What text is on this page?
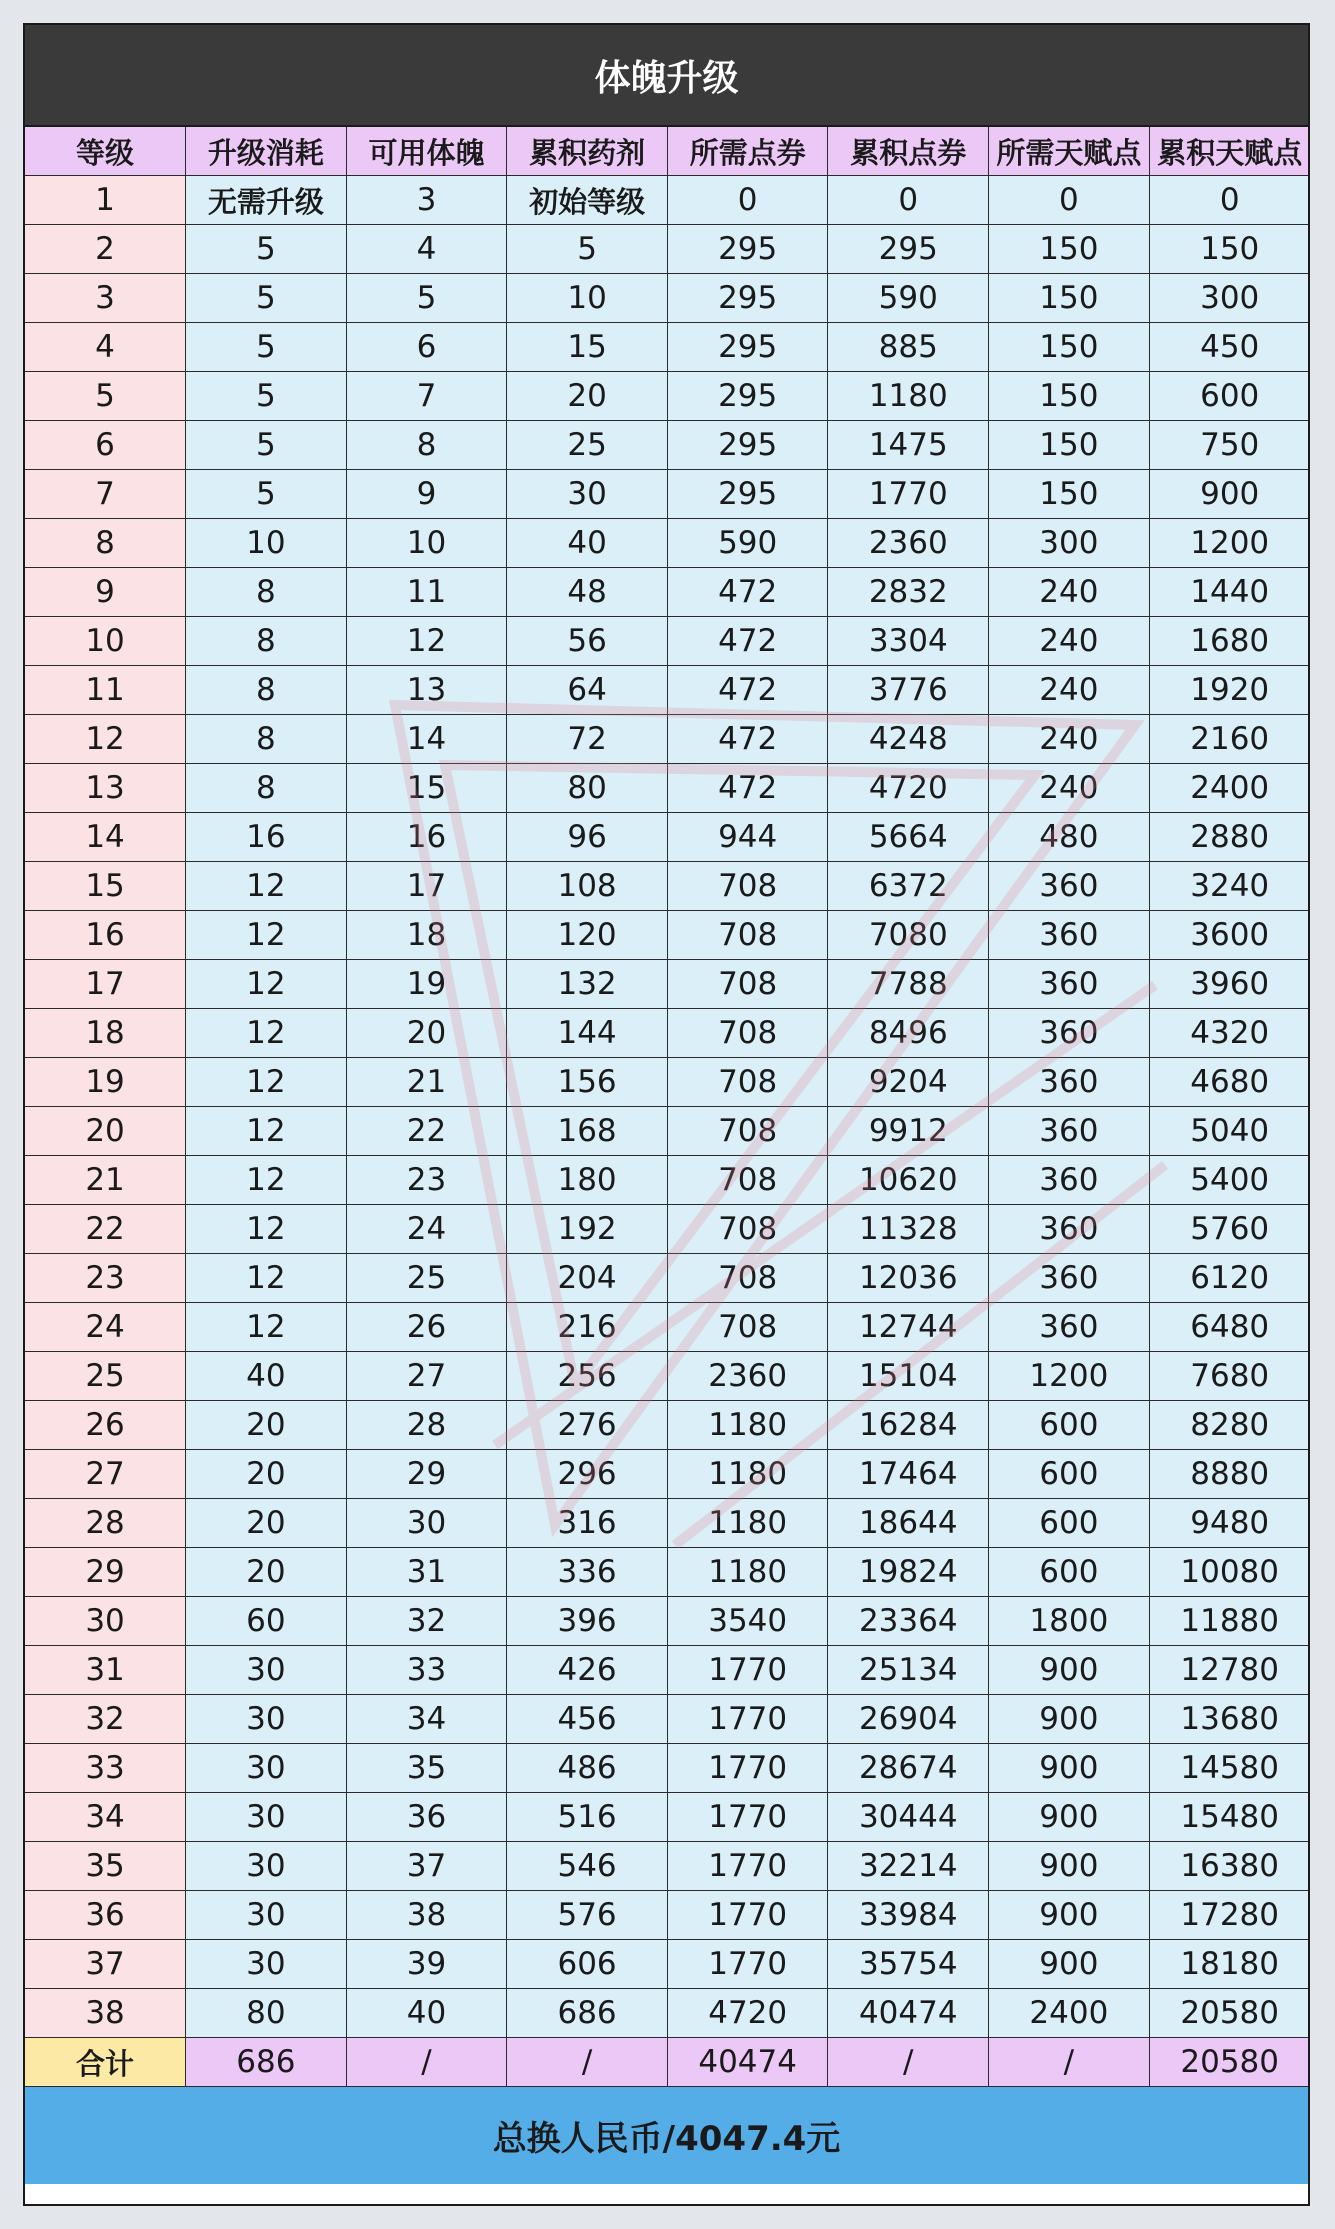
体魄升级
等级	升级消耗	可用体魄	累积药剂	所需点券	累积点券	所需天赋点	累积天赋点
1	无需升级	3	初始等级	0	0	0	0
2	5	4	5	295	295	150	150
3	5	5	10	295	590	150	300
4	5	6	15	295	885	150	450
5	5	7	20	295	1180	150	600
6	5	8	25	295	1475	150	750
7	5	9	30	295	1770	150	900
8	10	10	40	590	2360	300	1200
9	8	11	48	472	2832	240	1440
10	8	12	56	472	3304	240	1680
11	8	13	64	472	3776	240	1920
12	8	14	72	472	4248	240	2160
13	8	15	80	472	4720	240	2400
14	16	16	96	944	5664	480	2880
15	12	17	108	708	6372	360	3240
16	12	18	120	708	7080	360	3600
17	12	19	132	708	7788	360	3960
18	12	20	144	708	8496	360	4320
19	12	21	156	708	9204	360	4680
20	12	22	168	708	9912	360	5040
21	12	23	180	708	10620	360	5400
22	12	24	192	708	11328	360	5760
23	12	25	204	708	12036	360	6120
24	12	26	216	708	12744	360	6480
25	40	27	256	2360	15104	1200	7680
26	20	28	276	1180	16284	600	8280
27	20	29	296	1180	17464	600	8880
28	20	30	316	1180	18644	600	9480
29	20	31	336	1180	19824	600	10080
30	60	32	396	3540	23364	1800	11880
31	30	33	426	1770	25134	900	12780
32	30	34	456	1770	26904	900	13680
33	30	35	486	1770	28674	900	14580
34	30	36	516	1770	30444	900	15480
35	30	37	546	1770	32214	900	16380
36	30	38	576	1770	33984	900	17280
37	30	39	606	1770	35754	900	18180
38	80	40	686	4720	40474	2400	20580
合计	686	/	/	40474	/	/	20580
总换人民币/4047.4元
